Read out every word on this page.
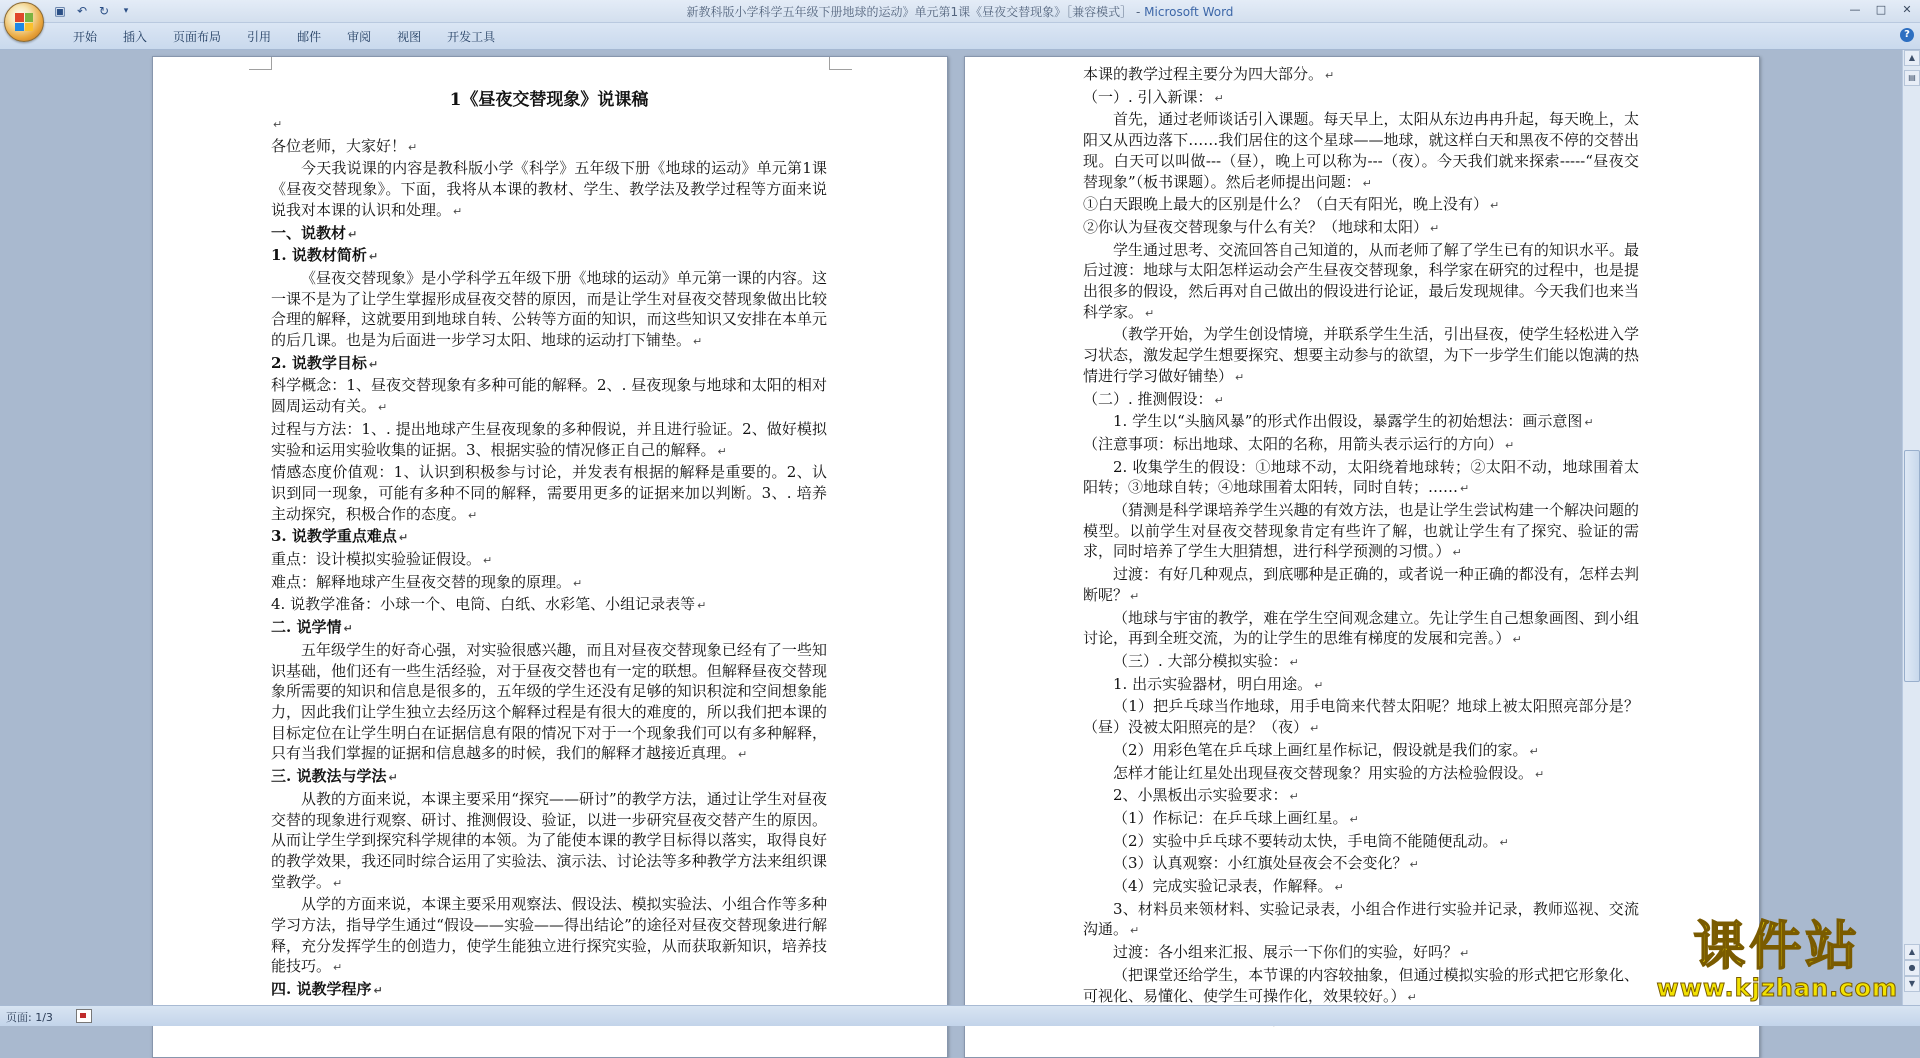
▣ ↶ ↻	▾	新教科版小学科学五年级下册地球的运动》单元第1课《昼夜交替现象》［兼容模式］ - Microsoft Word	—	□	✕
开始	插入	页面布局	引用	邮件	审阅	视图	开发工具	?

1《昼夜交替现象》说课稿

↵

各位老师，大家好！ ↵

今天我说课的内容是教科版小学《科学》五年级下册《地球的运动》单元第1课《昼夜交替现象》。下面，我将从本课的教材、学生、教学法及教学过程等方面来说说我对本课的认识和处理。 ↵

一、说教材 ↵

1. 说教材简析 ↵

《昼夜交替现象》是小学科学五年级下册《地球的运动》单元第一课的内容。这一课不是为了让学生掌握形成昼夜交替的原因，而是让学生对昼夜交替现象做出比较合理的解释，这就要用到地球自转、公转等方面的知识，而这些知识又安排在本单元的后几课。也是为后面进一步学习太阳、地球的运动打下铺垫。 ↵

2. 说教学目标 ↵

科学概念：1、昼夜交替现象有多种可能的解释。2、. 昼夜现象与地球和太阳的相对圆周运动有关。 ↵

过程与方法：1、. 提出地球产生昼夜现象的多种假说，并且进行验证。2、做好模拟实验和运用实验收集的证据。3、根据实验的情况修正自己的解释。 ↵

情感态度价值观：1、认识到积极参与讨论，并发表有根据的解释是重要的。2、认识到同一现象，可能有多种不同的解释，需要用更多的证据来加以判断。3、. 培养主动探究，积极合作的态度。 ↵

3. 说教学重点难点 ↵

重点：设计模拟实验验证假设。 ↵

难点：解释地球产生昼夜交替的现象的原理。 ↵

4. 说教学准备：小球一个、电筒、白纸、水彩笔、小组记录表等 ↵

二. 说学情 ↵

五年级学生的好奇心强，对实验很感兴趣，而且对昼夜交替现象已经有了一些知识基础，他们还有一些生活经验，对于昼夜交替也有一定的联想。但解释昼夜交替现象所需要的知识和信息是很多的，五年级的学生还没有足够的知识积淀和空间想象能力，因此我们让学生独立去经历这个解释过程是有很大的难度的，所以我们把本课的目标定位在让学生明白在证据信息有限的情况下对于一个现象我们可以有多种解释，只有当我们掌握的证据和信息越多的时候，我们的解释才越接近真理。 ↵

三. 说教法与学法 ↵

从教的方面来说，本课主要采用“探究——研讨”的教学方法，通过让学生对昼夜交替的现象进行观察、研讨、推测假设、验证，以进一步研究昼夜交替产生的原因。从而让学生学到探究科学规律的本领。为了能使本课的教学目标得以落实，取得良好的教学效果，我还同时综合运用了实验法、演示法、讨论法等多种教学方法来组织课堂教学。 ↵

从学的方面来说，本课主要采用观察法、假设法、模拟实验法、小组合作等多种学习方法，指导学生通过“假设——实验——得出结论”的途径对昼夜交替现象进行解释，充分发挥学生的创造力，使学生能独立进行探究实验，从而获取新知识，培养技能技巧。 ↵

四. 说教学程序 ↵

本课的教学过程主要分为四大部分。 ↵

（一）. 引入新课： ↵

首先，通过老师谈话引入课题。每天早上，太阳从东边冉冉升起，每天晚上，太阳又从西边落下……我们居住的这个星球——地球，就这样白天和黑夜不停的交替出现。白天可以叫做---（昼），晚上可以称为---（夜）。今天我们就来探索-----“昼夜交替现象”（板书课题）。然后老师提出问题： ↵

①白天跟晚上最大的区别是什么？（白天有阳光，晚上没有） ↵

②你认为昼夜交替现象与什么有关？（地球和太阳） ↵

学生通过思考、交流回答自己知道的，从而老师了解了学生已有的知识水平。最后过渡：地球与太阳怎样运动会产生昼夜交替现象，科学家在研究的过程中，也是提出很多的假设，然后再对自己做出的假设进行论证，最后发现规律。今天我们也来当科学家。 ↵

（教学开始，为学生创设情境，并联系学生生活，引出昼夜，使学生轻松进入学习状态，激发起学生想要探究、想要主动参与的欲望，为下一步学生们能以饱满的热情进行学习做好铺垫） ↵

（二）. 推测假设： ↵

1. 学生以“头脑风暴”的形式作出假设，暴露学生的初始想法：画示意图 ↵

（注意事项：标出地球、太阳的名称，用箭头表示运行的方向） ↵

2. 收集学生的假设：①地球不动，太阳绕着地球转；②太阳不动，地球围着太阳转；③地球自转；④地球围着太阳转，同时自转；…… ↵

（猜测是科学课培养学生兴趣的有效方法，也是让学生尝试构建一个解决问题的模型。以前学生对昼夜交替现象肯定有些许了解，也就让学生有了探究、验证的需求，同时培养了学生大胆猜想，进行科学预测的习惯。） ↵

过渡：有好几种观点，到底哪种是正确的，或者说一种正确的都没有，怎样去判断呢？ ↵

（地球与宇宙的教学，难在学生空间观念建立。先让学生自己想象画图、到小组讨论，再到全班交流，为的让学生的思维有梯度的发展和完善。） ↵

（三）. 大部分模拟实验： ↵

1. 出示实验器材，明白用途。 ↵

（1）把乒乓球当作地球，用手电筒来代替太阳呢？地球上被太阳照亮部分是？（昼）没被太阳照亮的是？（夜） ↵

（2）用彩色笔在乒乓球上画红星作标记，假设就是我们的家。 ↵

怎样才能让红星处出现昼夜交替现象？用实验的方法检验假设。 ↵

2、小黑板出示实验要求： ↵

（1）作标记：在乒乓球上画红星。 ↵

（2）实验中乒乓球不要转动太快，手电筒不能随便乱动。 ↵

（3）认真观察：小红旗处昼夜会不会变化？ ↵

（4）完成实验记录表，作解释。 ↵

3、材料员来领材料、实验记录表，小组合作进行实验并记录，教师巡视、交流沟通。 ↵

过渡：各小组来汇报、展示一下你们的实验，好吗？ ↵

（把课堂还给学生，本节课的内容较抽象，但通过模拟实验的形式把它形象化、可视化、易懂化、使学生可操作化，效果较好。） ↵

▲
▤
▲
●
▼
页面: 1/3
课件站
www.kjzhan.com
